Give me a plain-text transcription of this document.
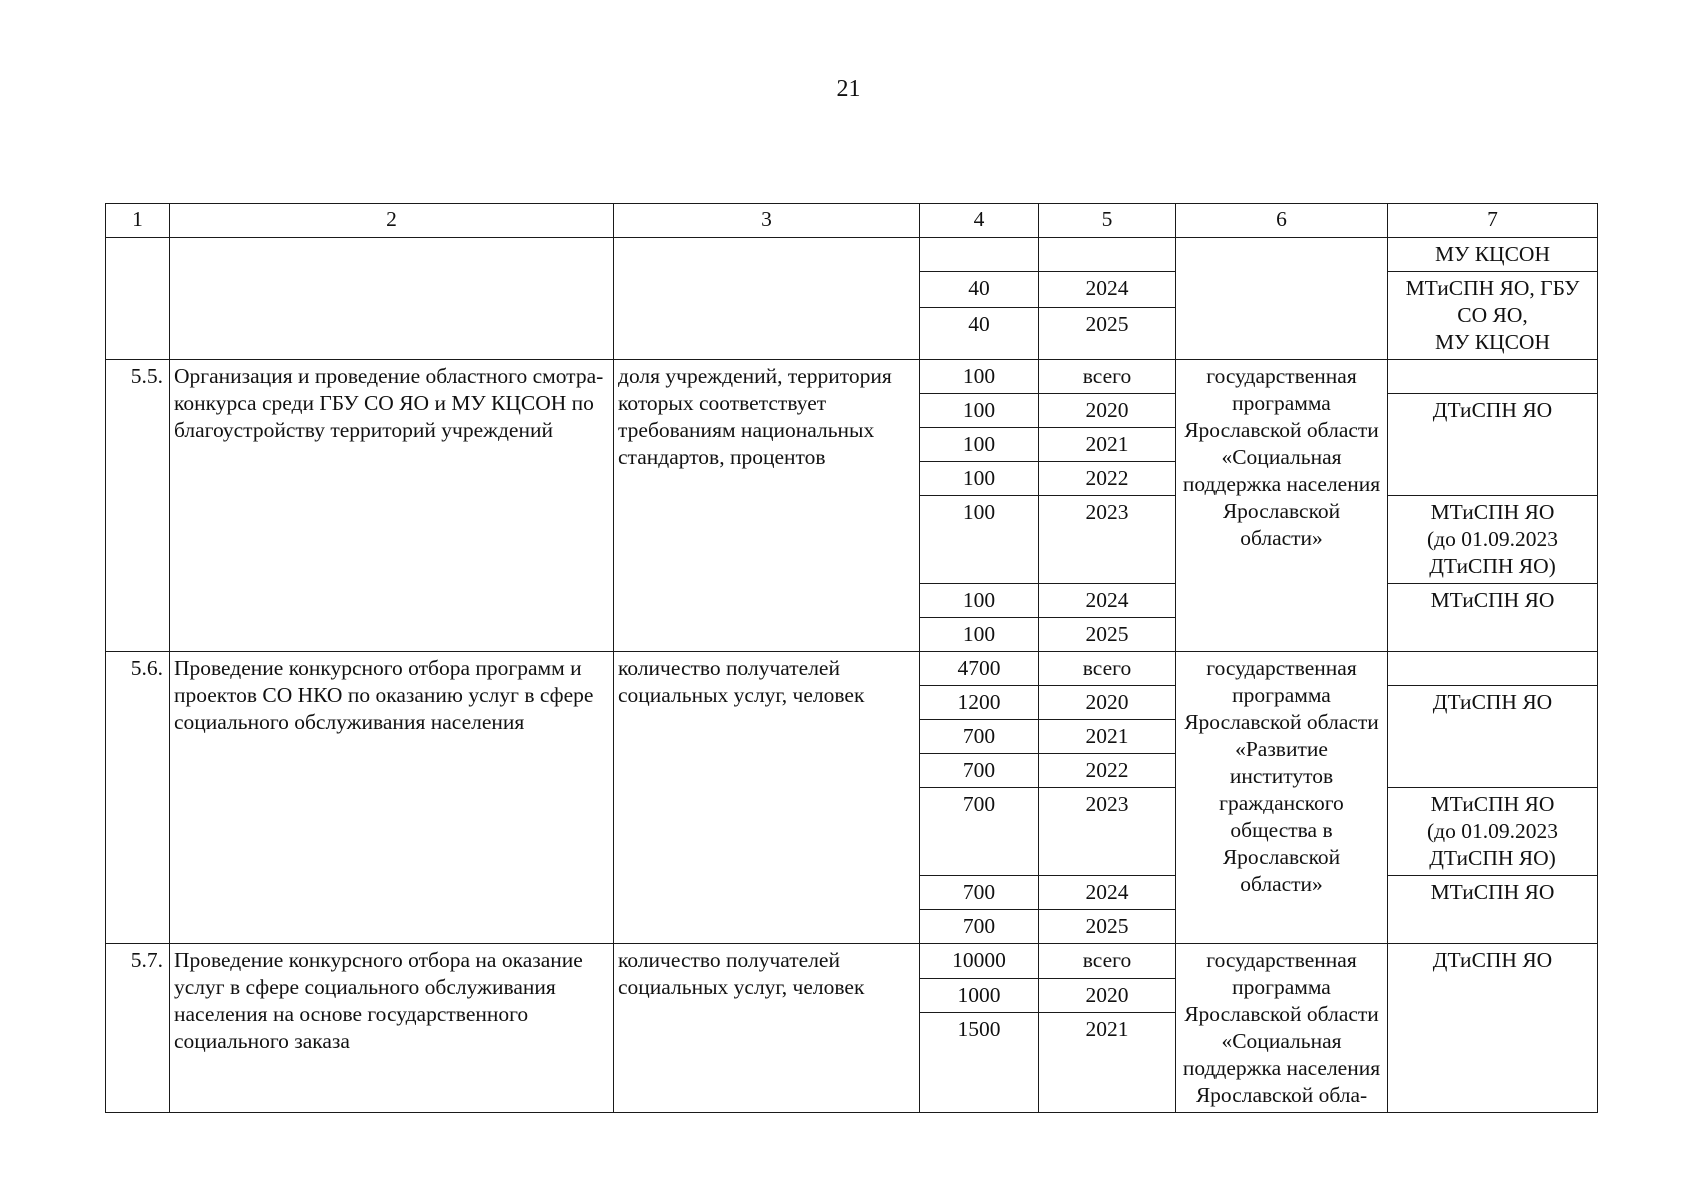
21
1	2	3	4	5	6	7
						МУ КЦСОН
			40	2024		МТиСПН ЯО, ГБУ
СО ЯО,
МУ КЦСОН

			40	2025		
5.5.	Организация и проведение областного смотра-конкурса среди ГБУ СО ЯО и МУ КЦСОН по благоустройству территорий учреждений	доля учреждений, территория которых соответствует требованиям национальных стандартов, процентов	100	всего	государственная программа Ярославской области «Социальная поддержка населения Ярославской области»	
			100	2020		ДТиСПН ЯО
			100	2021		
			100	2022		
			100	2023		МТиСПН ЯО
(до 01.09.2023
ДТиСПН ЯО)

			100	2024		МТиСПН ЯО
			100	2025		
5.6.	Проведение конкурсного отбора программ и проектов СО НКО по оказанию услуг в сфере социального обслуживания населения	количество получателей социальных услуг, человек	4700	всего	государственная программа Ярославской области «Развитие институтов гражданского общества в Ярославской области»	
			1200	2020		ДТиСПН ЯО
			700	2021		
			700	2022		
			700	2023		МТиСПН ЯО
(до 01.09.2023
ДТиСПН ЯО)

			700	2024		МТиСПН ЯО
			700	2025		
5.7.	Проведение конкурсного отбора на оказание услуг в сфере социального обслуживания населения на основе государственного социального заказа	количество получателей социальных услуг, человек	10000	всего	государственная программа Ярославской области «Социальная поддержка населения Ярославской обла-	ДТиСПН ЯО
			1000	2020		
			1500	2021		
